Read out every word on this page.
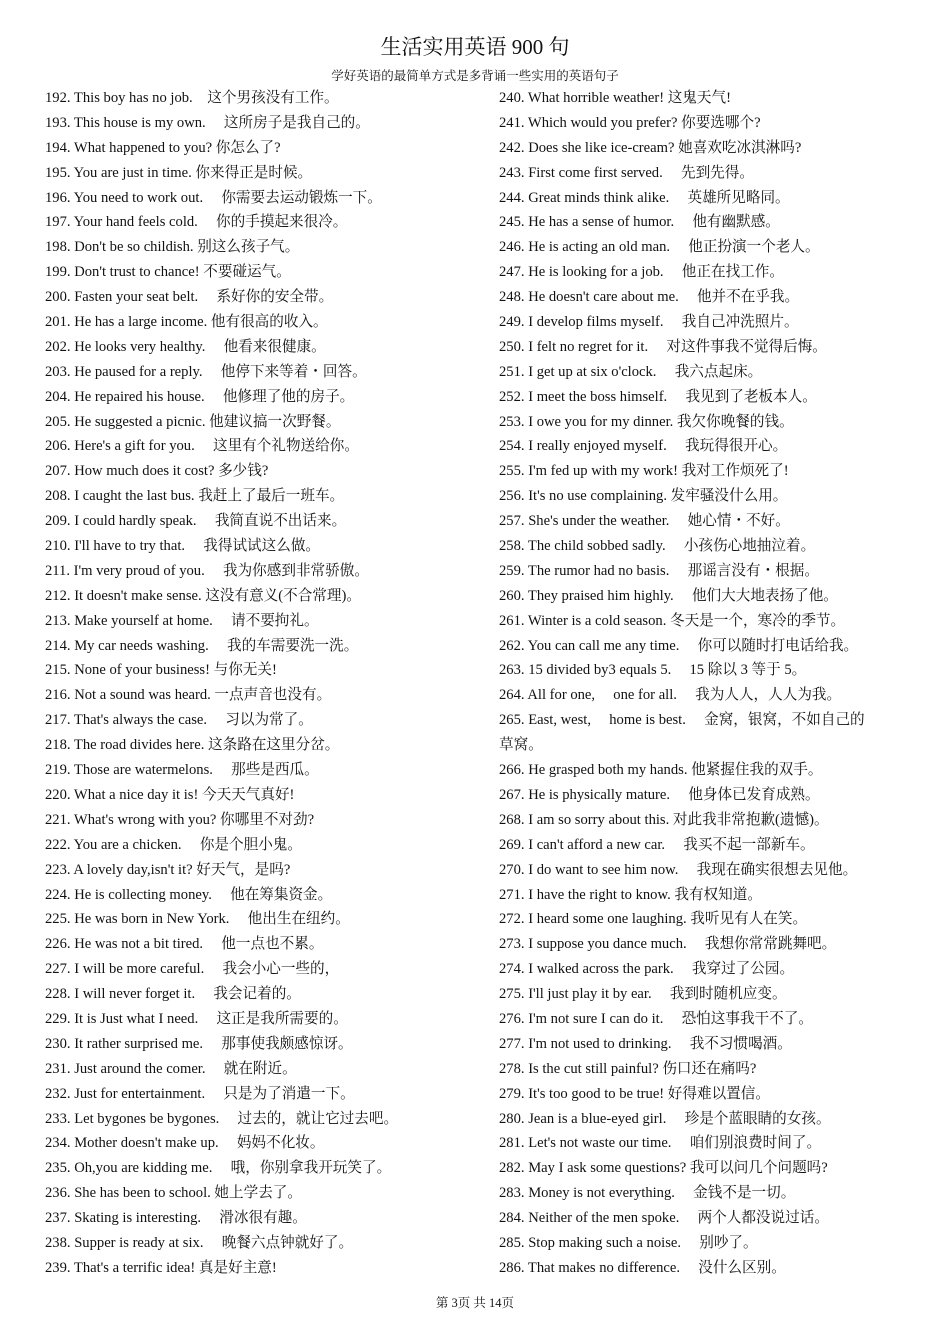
生活实用英语 900 句
学好英语的最简单方式是多背诵一些实用的英语句子
192. This boy has no job.　这个男孩没有工作。
193. This house is my own.　 这所房子是我自己的。
194. What happened to you? 你怎么了?
195. You are just in time. 你来得正是时候。
196. You need to work out.　 你需要去运动锻炼一下。
197. Your hand feels cold.　 你的手摸起来很冷。
198. Don't be so childish. 别这么孩子气。
199. Don't trust to chance! 不要碰运气。
200. Fasten your seat belt.　 系好你的安全带。
201. He has a large income. 他有很高的收入。
202. He looks very healthy.　 他看来很健康。
203. He paused for a reply.　 他停下来等着・回答。
204. He repaired his house.　 他修理了他的房子。
205. He suggested a picnic. 他建议搞一次野餐。
206. Here's a gift for you.　 这里有个礼物送给你。
207. How much does it cost? 多少钱?
208. I caught the last bus. 我赶上了最后一班车。
209. I could hardly speak.　 我简直说不出话来。
210. I'll have to try that.　 我得试试这么做。
211. I'm very proud of you.　 我为你感到非常骄傲。
212. It doesn't make sense. 这没有意义(不合常理)。
213. Make yourself at home.　 请不要拘礼。
214. My car needs washing.　 我的车需要洗一洗。
215. None of your business! 与你无关!
216. Not a sound was heard. 一点声音也没有。
217. That's always the case.　 习以为常了。
218. The road divides here. 这条路在这里分岔。
219. Those are watermelons.　 那些是西瓜。
220. What a nice day it is! 今天天气真好!
221. What's wrong with you? 你哪里不对劲?
222. You are a chicken.　 你是个胆小鬼。
223. A lovely day,isn't it? 好天气，是吗?
224. He is collecting money.　 他在筹集资金。
225. He was born in New York.　 他出生在纽约。
226. He was not a bit tired.　 他一点也不累。
227. I will be more careful.　 我会小心一些的，
228. I will never forget it.　 我会记着的。
229. It is Just what I need.　 这正是我所需要的。
230. It rather surprised me.　 那事使我颇感惊讶。
231. Just around the comer.　 就在附近。
232. Just for entertainment.　 只是为了消遣一下。
233. Let bygones be bygones.　 过去的，就让它过去吧。
234. Mother doesn't make up.　 妈妈不化妆。
235. Oh,you are kidding me.　 哦，你别拿我开玩笑了。
236. She has been to school. 她上学去了。
237. Skating is interesting.　 滑冰很有趣。
238. Supper is ready at six.　 晚餐六点钟就好了。
239. That's a terrific idea! 真是好主意!
240. What horrible weather! 这鬼天气!
241. Which would you prefer? 你要选哪个?
242. Does she like ice-cream? 她喜欢吃冰淇淋吗?
243. First come first served.　 先到先得。
244. Great minds think alike.　 英雄所见略同。
245. He has a sense of humor.　 他有幽默感。
246. He is acting an old man.　 他正扮演一个老人。
247. He is looking for a job.　 他正在找工作。
248. He doesn't care about me.　 他并不在乎我。
249. I develop films myself.　 我自己冲洗照片。
250. I felt no regret for it.　 对这件事我不觉得后悔。
251. I get up at six o'clock.　 我六点起床。
252. I meet the boss himself.　 我见到了老板本人。
253. I owe you for my dinner. 我欠你晚餐的钱。
254. I really enjoyed myself.　 我玩得很开心。
255. I'm fed up with my work! 我对工作烦死了!
256. It's no use complaining. 发牢骚没什么用。
257. She's under the weather.　 她心情・不好。
258. The child sobbed sadly.　 小孩伤心地抽泣着。
259. The rumor had no basis.　 那谣言没有・根据。
260. They praised him highly.　 他们大大地表扬了他。
261. Winter is a cold season. 冬天是一个，寒冷的季节。
262. You can call me any time.　 你可以随时打电话给我。
263. 15 divided by3 equals 5.　 15 除以 3 等于 5。
264. All for one,　 one for all.　 我为人人，人人为我。
265. East, west,　 home is best.　 金窝，银窝，不如自己的
草窝。
266. He grasped both my hands. 他紧握住我的双手。
267. He is physically mature.　 他身体已发育成熟。
268. I am so sorry about this. 对此我非常抱歉(遗憾)。
269. I can't afford a new car.　 我买不起一部新车。
270. I do want to see him now.　 我现在确实很想去见他。
271. I have the right to know. 我有权知道。
272. I heard some one laughing. 我听见有人在笑。
273. I suppose you dance much.　 我想你常常跳舞吧。
274. I walked across the park.　 我穿过了公园。
275. I'll just play it by ear.　 我到时随机应变。
276. I'm not sure I can do it.　 恐怕这事我干不了。
277. I'm not used to drinking.　 我不习惯喝酒。
278. Is the cut still painful? 伤口还在痛吗?
279. It's too good to be true! 好得难以置信。
280. Jean is a blue-eyed girl.　 珍是个蓝眼睛的女孩。
281. Let's not waste our time.　 咱们别浪费时间了。
282. May I ask some questions? 我可以问几个问题吗?
283. Money is not everything.　 金钱不是一切。
284. Neither of the men spoke.　 两个人都没说过话。
285. Stop making such a noise.　 别吵了。
286. That makes no difference.　 没什么区别。
第 3页 共 14页
